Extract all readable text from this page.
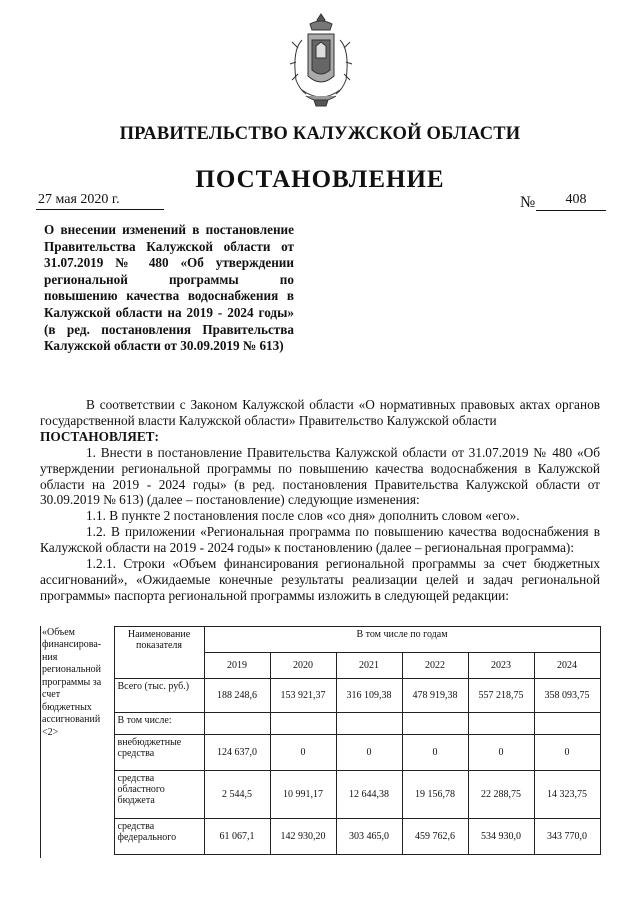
ПРАВИТЕЛЬСТВО КАЛУЖСКОЙ ОБЛАСТИ
ПОСТАНОВЛЕНИЕ
27 мая 2020 г.	№	408
О внесении изменений в постановление Правительства Калужской области от 31.07.2019 № 480 «Об утверждении региональной программы по повышению качества водоснабжения в Калужской области на 2019 - 2024 годы» (в ред. постановления Правительства Калужской области от 30.09.2019 № 613)

В соответствии с Законом Калужской области «О нормативных правовых актах органов государственной власти Калужской области» Правительство Калужской области

ПОСТАНОВЛЯЕТ:

1. Внести в постановление Правительства Калужской области от 31.07.2019 № 480 «Об утверждении региональной программы по повышению качества водоснабжения в Калужской области на 2019 - 2024 годы» (в ред. постановления Правительства Калужской области от 30.09.2019 № 613) (далее – постановление) следующие изменения:

1.1. В пункте 2 постановления после слов «со дня» дополнить словом «его».

1.2. В приложении «Региональная программа по повышению качества водоснабжения в Калужской области на 2019 - 2024 годы» к постановлению (далее – региональная программа):

1.2.1. Строки «Объем финансирования региональной программы за счет бюджетных ассигнований», «Ожидаемые конечные результаты реализации целей и задач региональной программы» паспорта региональной программы изложить в следующей редакции:

«Объем финансирова-ния региональной программы за счет бюджетных ассигнований <2>	Наименование показателя	В том числе по годам					
		2019	2020	2021	2022	2023	2024
	Всего (тыс. руб.)	188 248,6	153 921,37	316 109,38	478 919,38	557 218,75	358 093,75
	В том числе:						
	внебюджетные средства	124 637,0	0	0	0	0	0
	средства областного бюджета	2 544,5	10 991,17	12 644,38	19 156,78	22 288,75	14 323,75
	средства федерального	61 067,1	142 930,20	303 465,0	459 762,6	534 930,0	343 770,0
